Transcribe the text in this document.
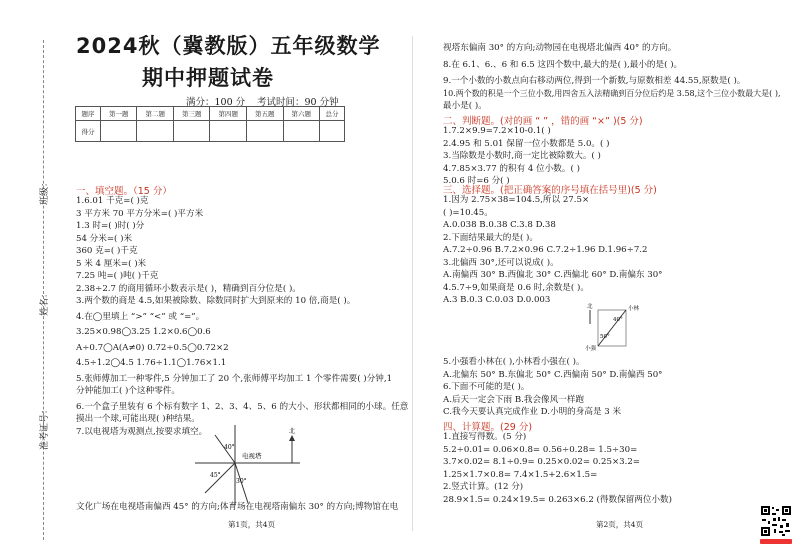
班级：
姓名：
准考证号：
2024秋（冀教版）五年级数学
期中押题试卷
满分：100 分 考试时间：90 分钟
题序	第一题	第二题	第三题	第四题	第五题	第六题	总分
得分							
一、填空题。（15 分）
1.6.01 千克=( )克
3 平方米 70 平方分米=( )平方米
1.3 时=( )时( )分
54 分米=( )米
360 克=( )千克
5 米 4 厘米=( )米
7.25 吨=( )吨( )千克
2.38÷2.7 的商用循环小数表示是( )，精确到百分位是( )。
3.两个数的商是 4.5,如果被除数、除数同时扩大到原来的 10 倍,商是( )。
4.在◯里填上 “>” “<” 或 “=”。
3.25×0.98◯3.25 1.2×0.6◯0.6
A÷0.7◯A(A≠0) 0.72÷0.5◯0.72×2
4.5÷1.2◯4.5 1.76÷1.1◯1.76×1.1
5.张师傅加工一种零件,5 分钟加工了 20 个,张师傅平均加工 1 个零件需要( )分钟,1
分钟能加工( )个这种零件。
6.一个盒子里装有 6 个标有数字 1、2、3、4、5、6 的大小、形状都相同的小球。任意
摸出一个球,可能出现( )种结果。
7.以电视塔为观测点,按要求填空。
电视塔
40°
45°
30°
北
文化广场在电视塔南偏西 45° 的方向;体育场在电视塔南偏东 30° 的方向;博物馆在电
第1页，共4页
视塔东偏南 30° 的方向;动物园在电视塔北偏西 40° 的方向。
8.在 6.1、6.、6 和 6.5 这四个数中,最大的是( ),最小的是( )。
9.一个小数的小数点向右移动两位,得到一个新数,与原数相差 44.55,原数是( )。
10.两个数的积是一个三位小数,用四舍五入法精确到百分位后约是 3.58,这个三位小数最大是( ),
最小是( )。
二、判断题。(对的画 “ ” ，错的画 “×” )(5 分)
1.7.2×9.9=7.2×10-0.1( )
2.4.95 和 5.01 保留一位小数都是 5.0。( )
3.当除数是小数时,商一定比被除数大。( )
4.7.85×3.77 的积有 4 位小数。( )
5.0.6 时=6 分( )
三、选择题。(把正确答案的序号填在括号里)(5 分)
1.因为 2.75×38=104.5,所以 27.5×
( )=10.45。
A.0.038 B.0.38 C.3.8 D.38
2.下面结果最大的是( )。
A.7.2÷0.96 B.7.2×0.96 C.7.2÷1.96 D.1.96÷7.2
3.北偏西 30°,还可以说成( )。
A.南偏西 30° B.西偏北 30° C.西偏北 60° D.南偏东 30°
4.5.7÷9,如果商是 0.6 时,余数是( )。
A.3 B.0.3 C.0.03 D.0.003
北	小林
小强
40°
50°
5.小强看小林在( ),小林看小强在( )。
A.北偏东 50° B.东偏北 50° C.西偏南 50° D.南偏西 50°
6.下面不可能的是( )。
A.后天一定会下雨 B.我会像风一样跑
C.我今天要认真完成作业 D.小明的身高是 3 米
四、计算题。(29 分)
1.直接写得数。(5 分)
5.2÷0.01= 0.06×0.8= 0.56÷0.28= 1.5÷30=
3.7×0.02= 8.1÷0.9= 0.25×0.02= 0.25×3.2=
1.25×1.7×0.8= 7.4×1.5+2.6×1.5=
2.竖式计算。(12 分)
28.9×1.5= 0.24×19.5= 0.263×6.2 (得数保留两位小数)
第2页，共4页
